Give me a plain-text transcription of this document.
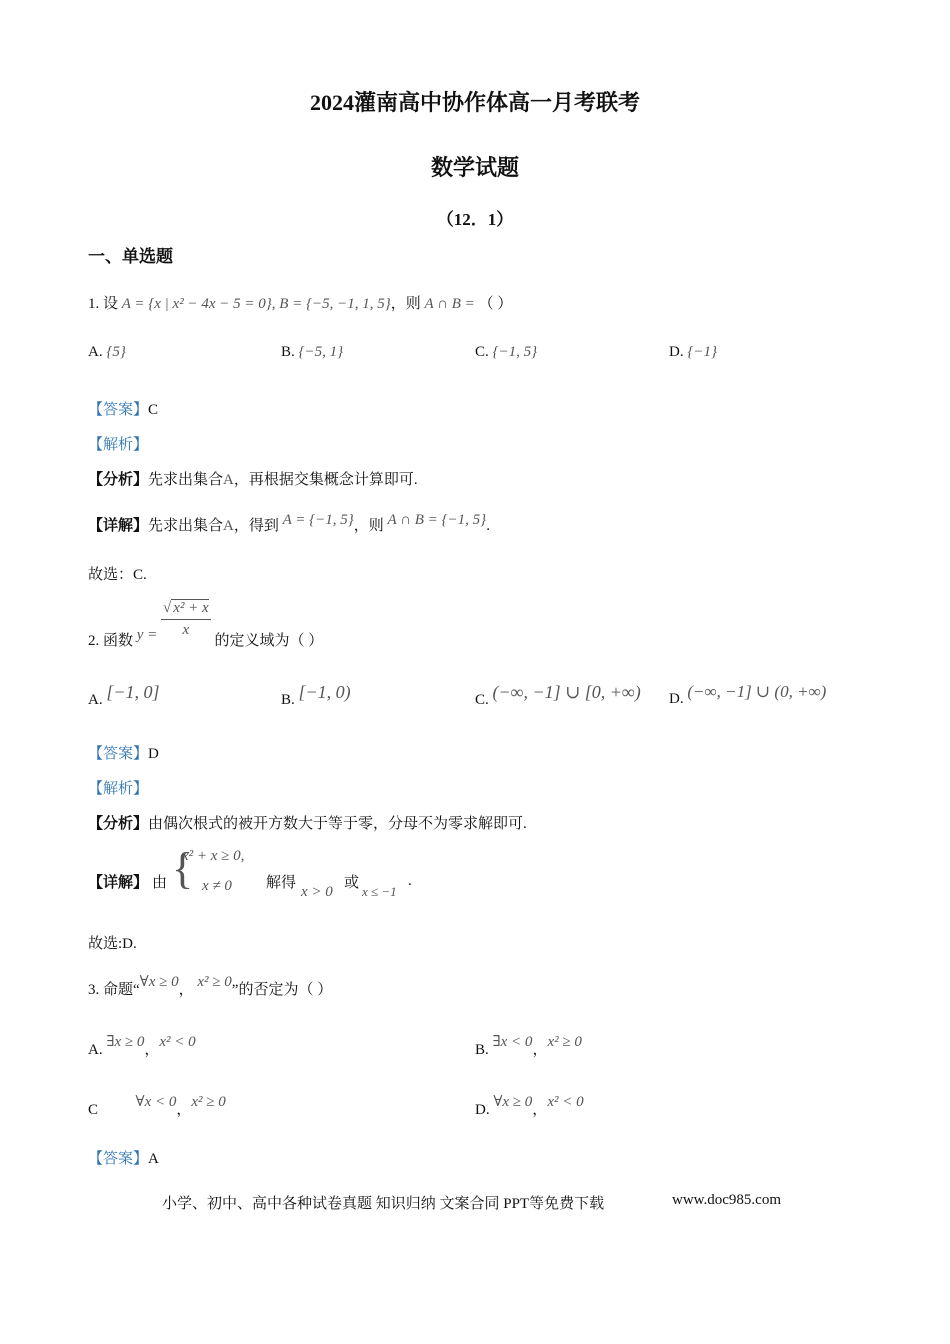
2024灌南高中协作体高一月考联考
数学试题
（12．1）
一、单选题
1. 设 A = {x | x² − 4x − 5 = 0}, B = {−5, −1, 1, 5}，则 A ∩ B = （ ）
A. {5}	B. {−5, 1}	C. {−1, 5}	D. {−1}
【答案】C
【解析】
【分析】先求出集合A，再根据交集概念计算即可.
【详解】先求出集合A，得到 A = {−1, 5}，则 A ∩ B = {−1, 5}.
故选：C.
2. 函数 $y = \frac{\text{√ x² + x}}{x}$
的定义域为（ ）
A. [−1, 0]	B. [−1, 0)	C. (−∞, −1] ∪ [0, +∞) D. (−∞, −1] ∪ (0, +∞)
【答案】D
【解析】
【分析】由偶次根式的被开方数大于等于零，分母不为零求解即可.
【详解】 由 {
x² + x ≥ 0,
x ≠ 0 解得
x > 0
或
x ≤ −1
.
故选:D.
3. 命题“∀x ≥ 0， x² ≥ 0”的否定为（ ）
A. ∃x ≥ 0，x² < 0	B. ∃x < 0，x² ≥ 0
C	∀x < 0，x² ≥ 0	D. ∀x ≥ 0，x² < 0
【答案】A
小学、初中、高中各种试卷真题 知识归纳 文案合同 PPT等免费下载	www.doc985.com
